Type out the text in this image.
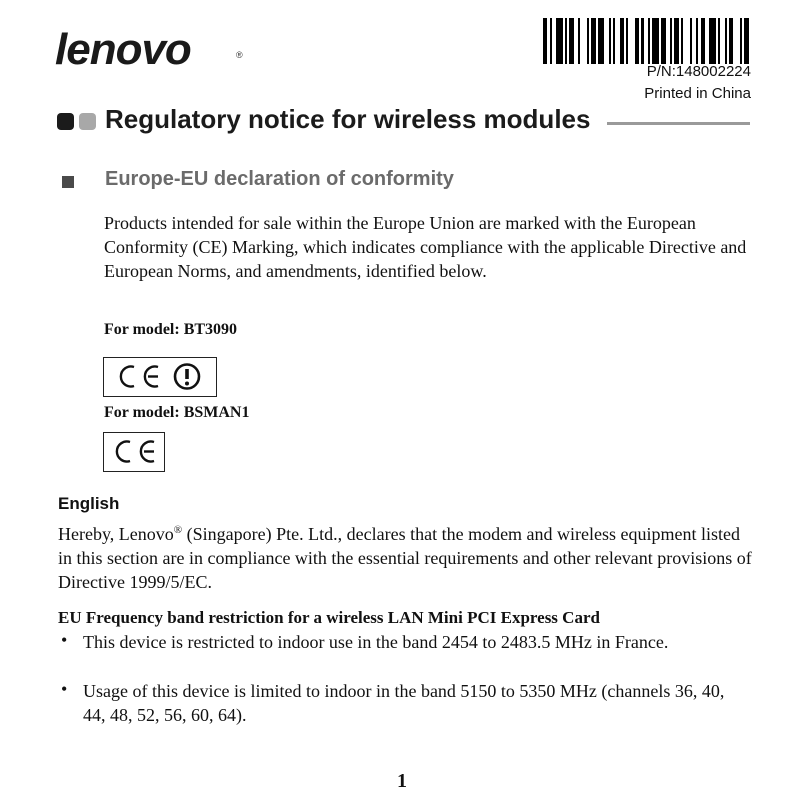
lenovo	®
P/N:148002224
Printed in China
Regulatory notice for wireless modules
Europe-EU declaration of conformity
Products intended for sale within the Europe Union are marked with the European Conformity (CE) Marking, which indicates compliance with the applicable Directive and European Norms, and amendments, identified below.
For model: BT3090
For model: BSMAN1
English
Hereby, Lenovo® (Singapore) Pte. Ltd., declares that the modem and wireless equipment listed in this section are in compliance with the essential requirements and other relevant provisions of Directive 1999/5/EC.
EU Frequency band restriction for a wireless LAN Mini PCI Express Card
• This device is restricted to indoor use in the band 2454 to 2483.5 MHz in France.
• Usage of this device is limited to indoor in the band 5150 to 5350 MHz (channels 36, 40, 44, 48, 52, 56, 60, 64).
1
